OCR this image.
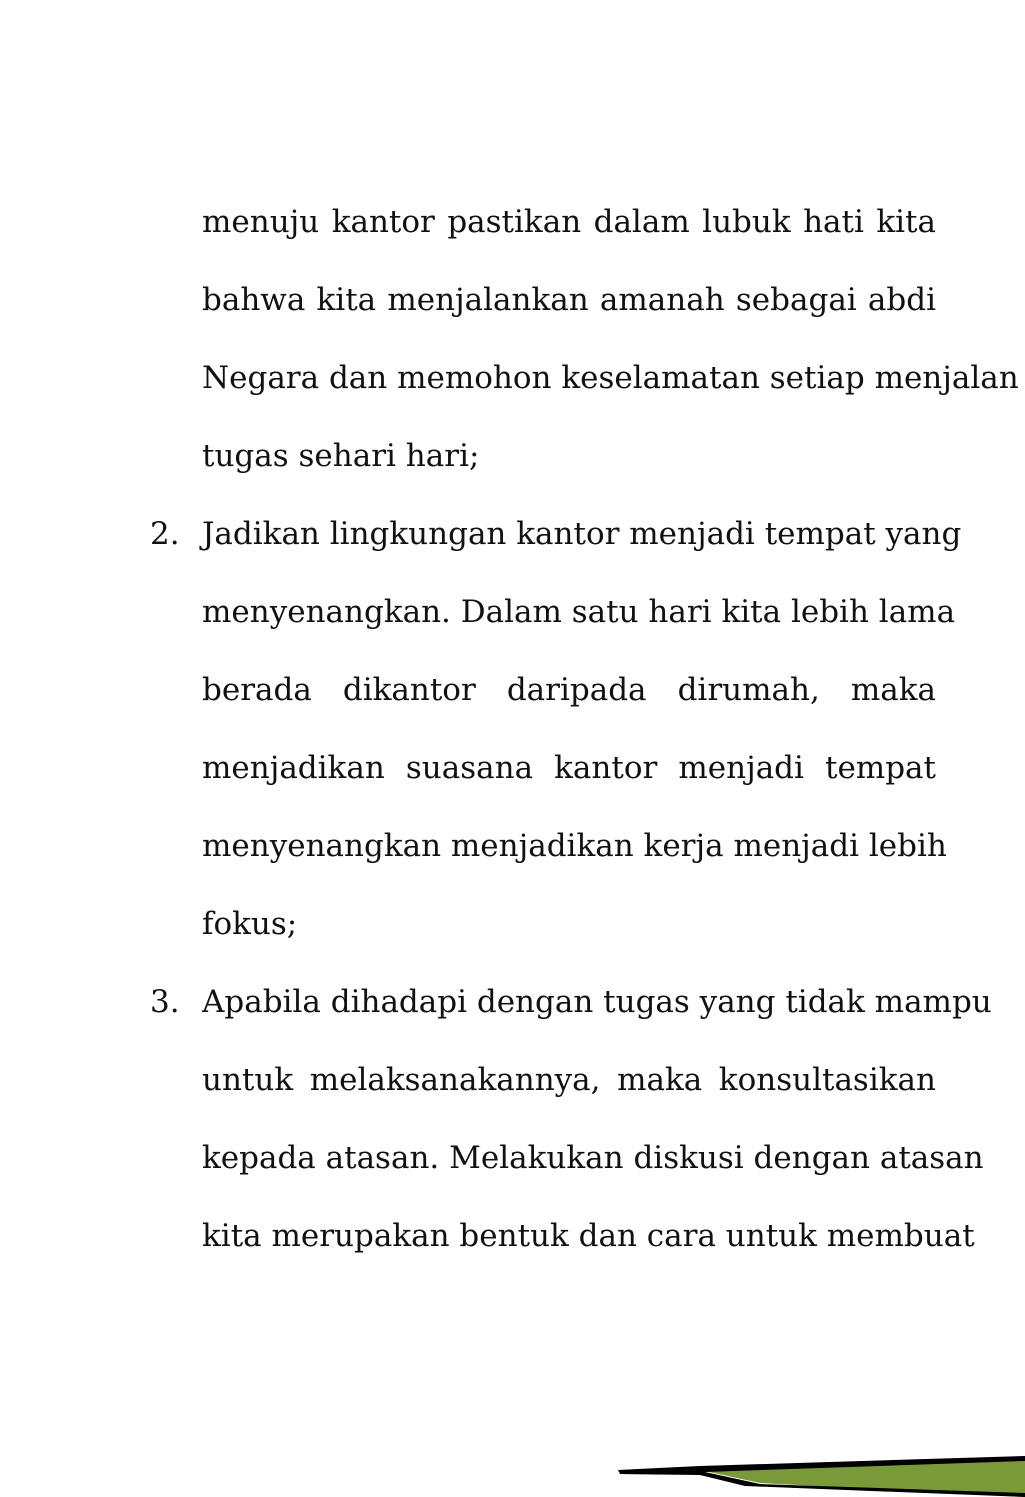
menuju kantor pastikan dalam lubuk hati kita
bahwa kita menjalankan amanah sebagai abdi
Negara dan memohon keselamatan setiap menjalan
tugas sehari hari;
2. Jadikan lingkungan kantor menjadi tempat yang
menyenangkan. Dalam satu hari kita lebih lama
berada dikantor daripada dirumah, maka
menjadikan suasana kantor menjadi tempat
menyenangkan menjadikan kerja menjadi lebih
fokus;
3. Apabila dihadapi dengan tugas yang tidak mampu
untuk melaksanakannya, maka konsultasikan
kepada atasan. Melakukan diskusi dengan atasan
kita merupakan bentuk dan cara untuk membuat
